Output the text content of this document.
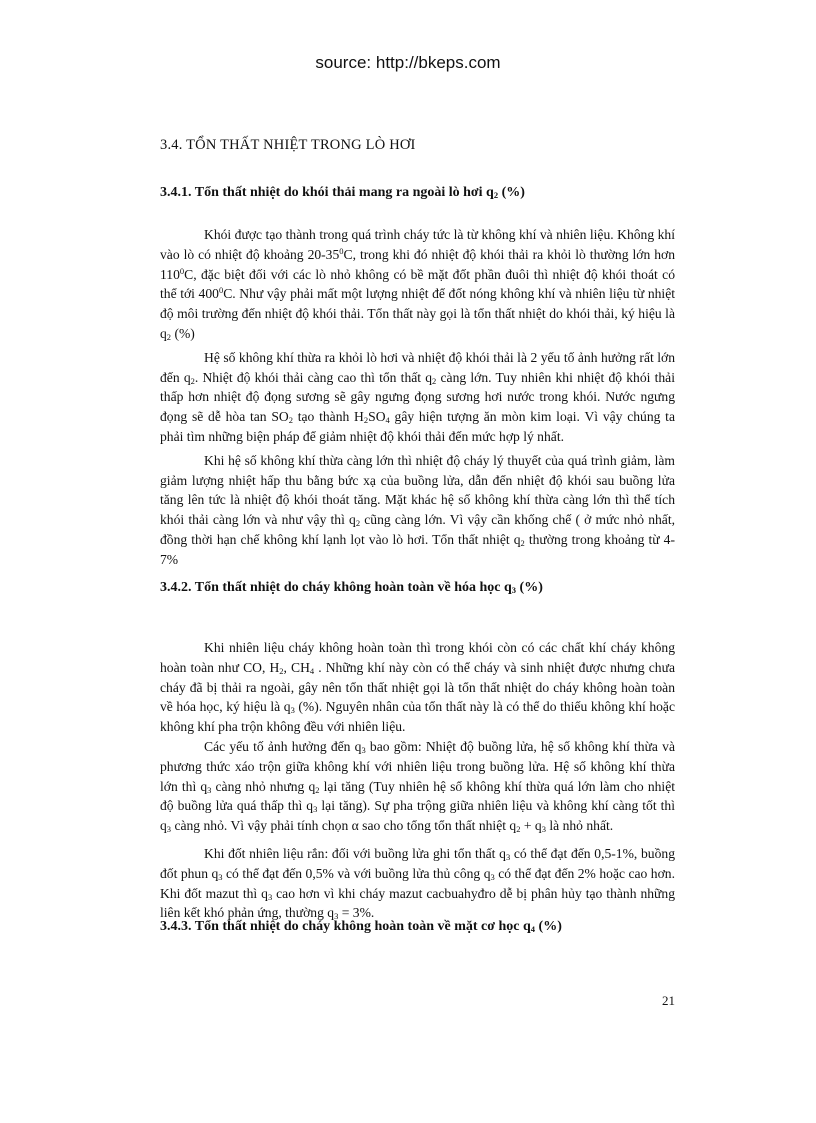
source: http://bkeps.com
3.4. TỔN THẤT NHIỆT TRONG LÒ HƠI
3.4.1. Tổn thất nhiệt do khói thải mang ra ngoài lò hơi $q_2$ (%)

Khói được tạo thành trong quá trình cháy tức là từ không khí và nhiên liệu. Không khí vào lò có nhiệt độ khoảng $20-35^0C$, trong khi đó nhiệt độ khói thải ra khỏi lò thường lớn hơn $110^0C$, đặc biệt đối với các lò nhỏ không có bề mặt đốt phần đuôi thì nhiệt độ khói thoát có thể tới $400^0C$. Như vậy phải mất một lượng nhiệt để đốt nóng không khí và nhiên liệu từ nhiệt độ môi trường đến nhiệt độ khói thải. Tổn thất này gọi là tổn thất nhiệt do khói thải, ký hiệu là $q_2$ (%)

Hệ số không khí thừa ra khỏi lò hơi và nhiệt độ khói thải là 2 yếu tố ảnh hưởng rất lớn đến $q_2$. Nhiệt độ khói thải càng cao thì tổn thất $q_2$ càng lớn. Tuy nhiên khi nhiệt độ khói thải thấp hơn nhiệt độ đọng sương sẽ gây ngưng đọng sương hơi nước trong khói. Nước ngưng đọng sẽ dễ hòa $\tan SO_2$ tạo thành $H_2SO_4$ gây hiện tượng ăn mòn kim loại. Vì vậy chúng ta phải tìm những biện pháp để giảm nhiệt độ khói thải đến mức hợp lý nhất.

Khi hệ số không khí thừa càng lớn thì nhiệt độ cháy lý thuyết của quá trình giảm, làm giảm lượng nhiệt hấp thu bằng bức xạ của buồng lửa, dẫn đến nhiệt độ khói sau buồng lửa tăng lên tức là nhiệt độ khói thoát tăng. Mặt khác hệ số không khí thừa càng lớn thì thể tích khói thải càng lớn và như vậy thì $q_2$ cũng càng lớn. Vì vậy cần khống chế ( ở mức nhỏ nhất, đồng thời hạn chế không khí lạnh lọt vào lò hơi. Tổn thất nhiệt $q_2$ thường trong khoảng từ 4-7%

3.4.2. Tổn thất nhiệt do cháy không hoàn toàn về hóa học $q_3$ (%)

Khi nhiên liệu cháy không hoàn toàn thì trong khói còn có các chất khí cháy không hoàn toàn như CO, $H_2$, $CH_4$ . Những khí này còn có thể cháy và sinh nhiệt được nhưng chưa cháy đã bị thải ra ngoài, gây nên tổn thất nhiệt gọi là tổn thất nhiệt do cháy không hoàn toàn về hóa học, ký hiệu là $q_3$ (%). Nguyên nhân của tổn thất này là có thể do thiếu không khí hoặc không khí pha trộn không đều với nhiên liệu.

Các yếu tố ảnh hưởng đến $q_3$ bao gồm: Nhiệt độ buồng lửa, hệ số không khí thừa và phương thức xáo trộn giữa không khí với nhiên liệu trong buồng lửa. Hệ số không khí thừa lớn thì $q_3$ càng nhỏ nhưng $q_2$ lại tăng (Tuy nhiên hệ số không khí thừa quá lớn làm cho nhiệt độ buồng lửa quá thấp thì $q_3$ lại tăng). Sự pha trộng giữa nhiên liệu và không khí càng tốt thì $q_3$ càng nhỏ. Vì vậy phải tính chọn α sao cho tổng tổn thất nhiệt $q_2 + q_3$ là nhỏ nhất.

Khi đốt nhiên liệu rắn: đối với buồng lửa ghi tổn thất $q_3$ có thể đạt đến 0,5-1%, buồng đốt phun $q_3$ có thể đạt đến 0,5% và với buồng lửa thủ công $q_3$ có thể đạt đến 2% hoặc cao hơn. Khi đốt mazut thì $q_3$ cao hơn vì khi cháy mazut cacbuahyđro dễ bị phân hủy tạo thành những liên kết khó phản ứng, thường $q_3 = 3\%$.

3.4.3. Tổn thất nhiệt do cháy không hoàn toàn về mặt cơ học $q_4$ (%)
21
